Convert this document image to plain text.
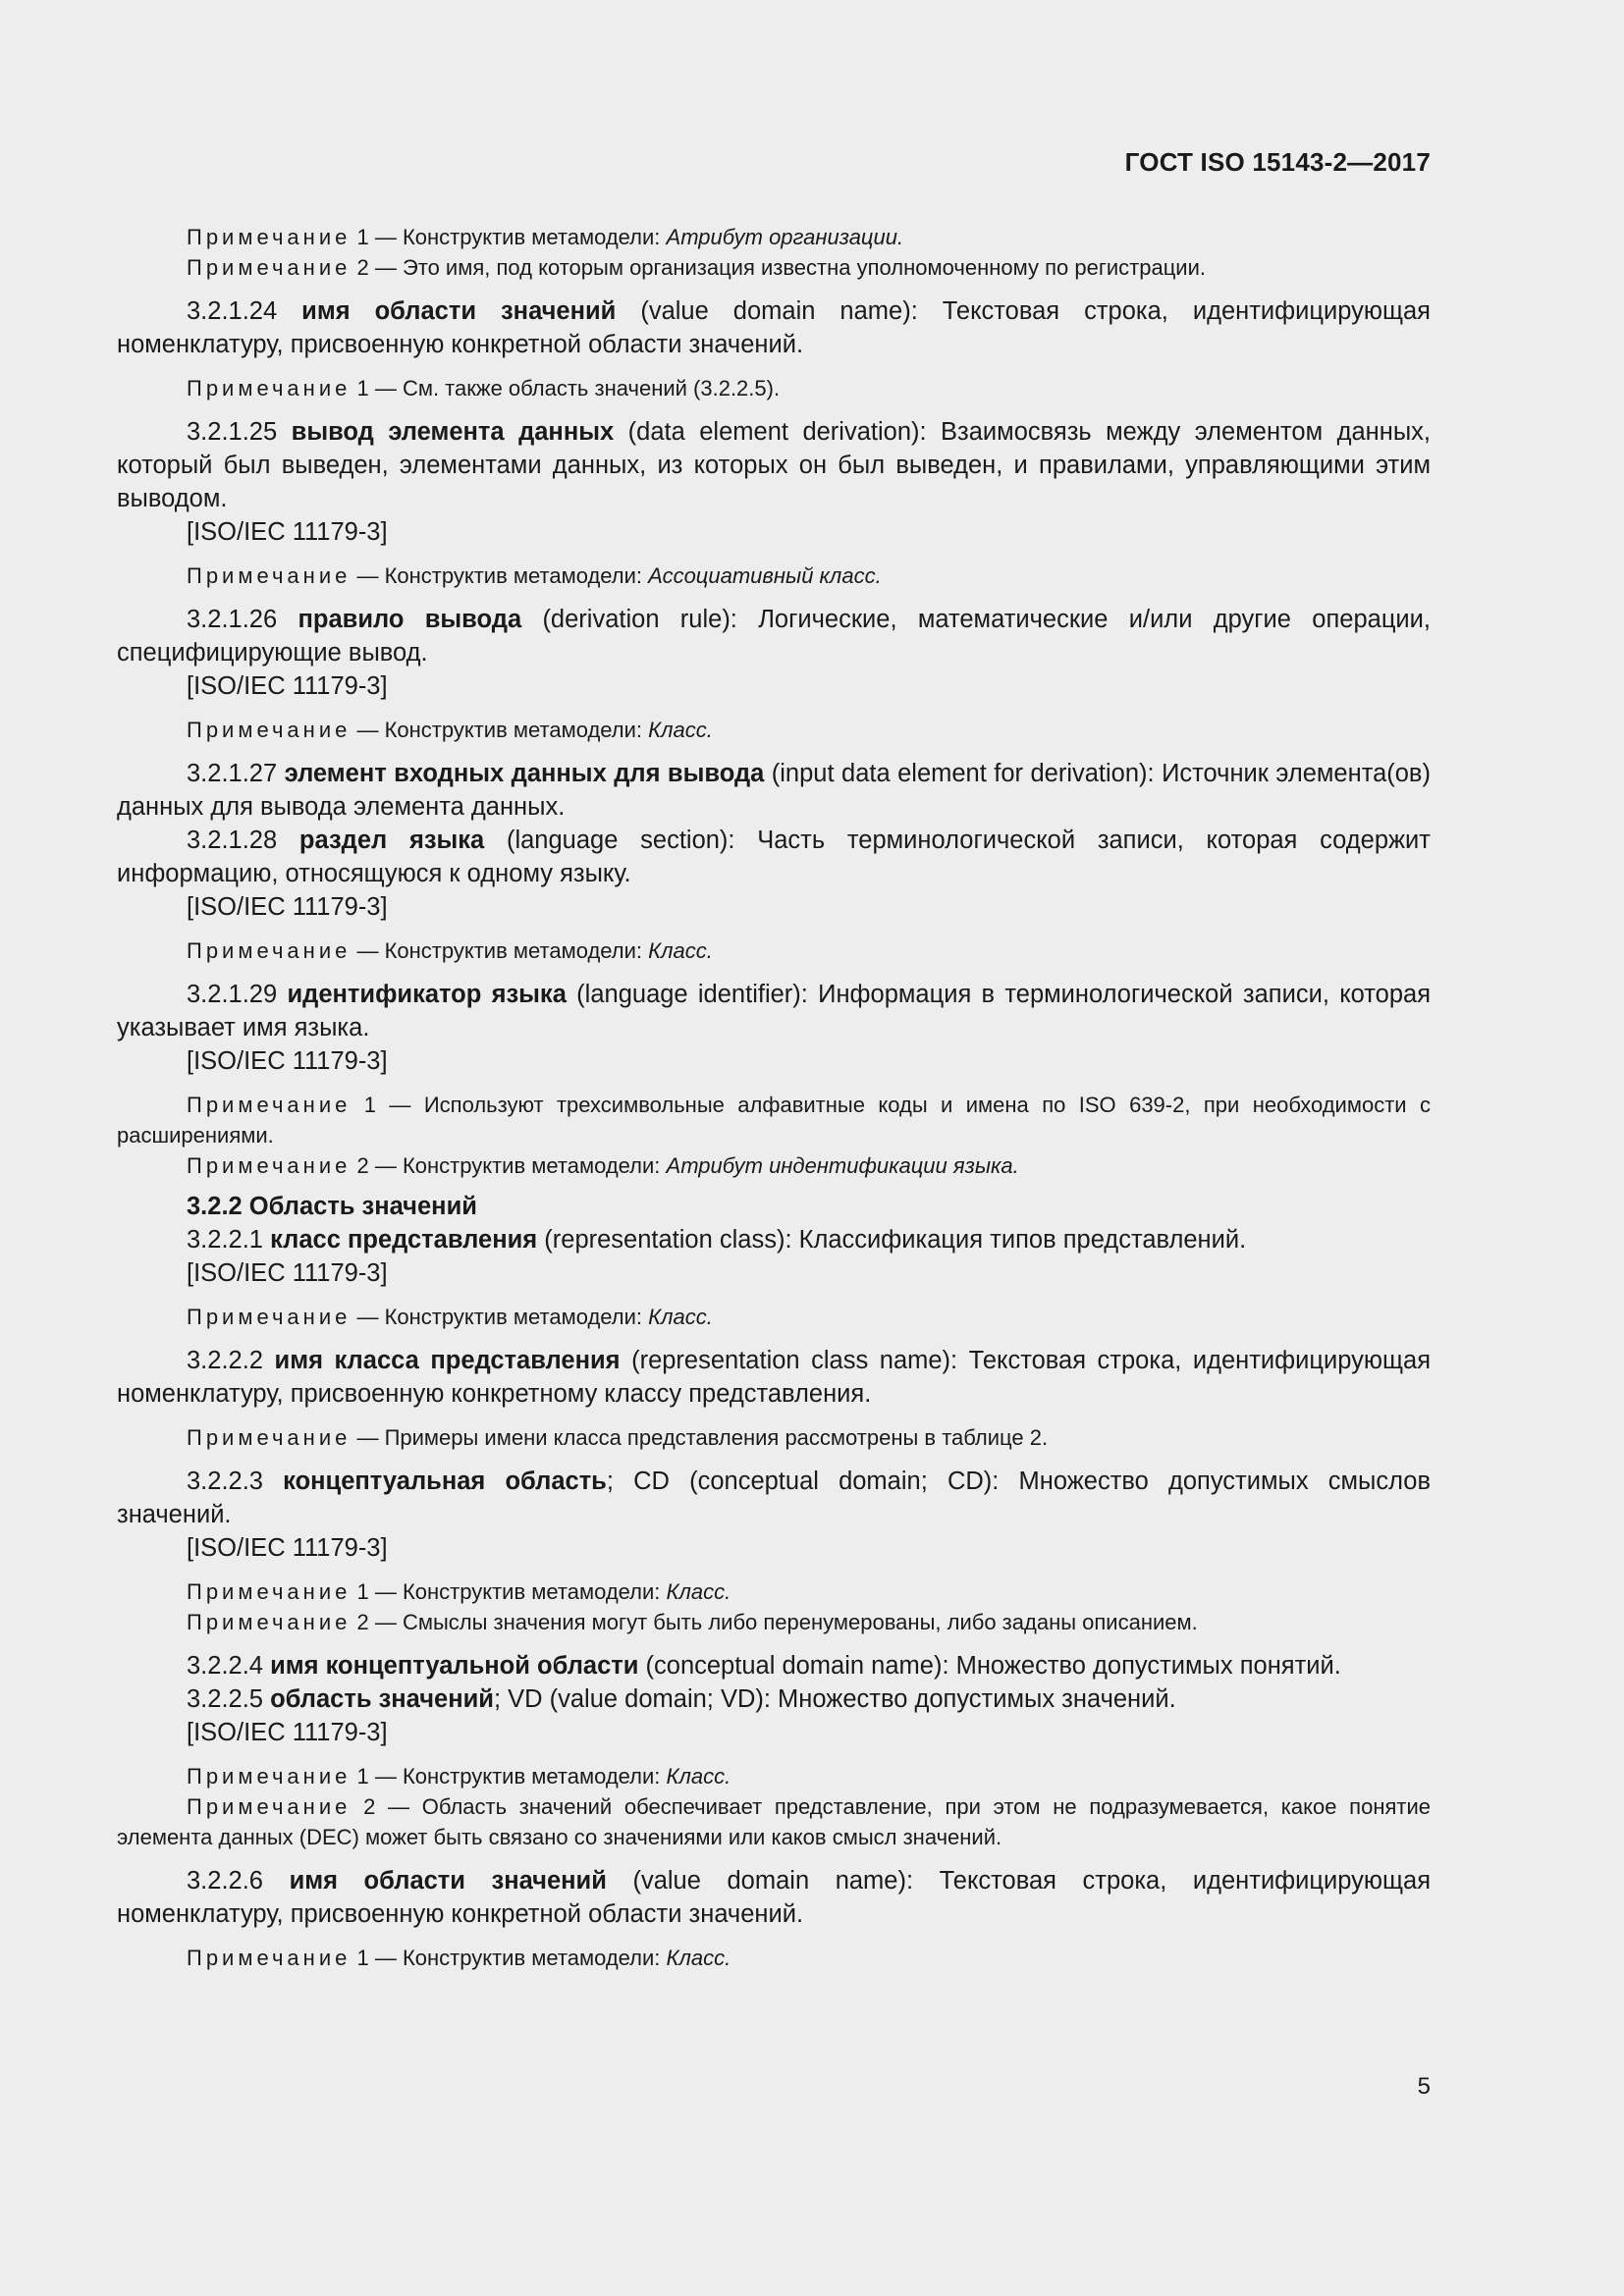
ГОСТ ISO 15143-2—2017

Примечание 1 — Конструктив метамодели: Атрибут организации.

Примечание 2 — Это имя, под которым организация известна уполномоченному по регистрации.

3.2.1.24 имя области значений (value domain name): Текстовая строка, идентифицирующая номенклатуру, присвоенную конкретной области значений.

Примечание 1 — См. также область значений (3.2.2.5).

3.2.1.25 вывод элемента данных (data element derivation): Взаимосвязь между элементом данных, который был выведен, элементами данных, из которых он был выведен, и правилами, управляющими этим выводом.

[ISO/IEC 11179-3]

Примечание — Конструктив метамодели: Ассоциативный класс.

3.2.1.26 правило вывода (derivation rule): Логические, математические и/или другие операции, специфицирующие вывод.

[ISO/IEC 11179-3]

Примечание — Конструктив метамодели: Класс.

3.2.1.27 элемент входных данных для вывода (input data element for derivation): Источник элемента(ов) данных для вывода элемента данных.

3.2.1.28 раздел языка (language section): Часть терминологической записи, которая содержит информацию, относящуюся к одному языку.

[ISO/IEC 11179-3]

Примечание — Конструктив метамодели: Класс.

3.2.1.29 идентификатор языка (language identifier): Информация в терминологической записи, которая указывает имя языка.

[ISO/IEC 11179-3]

Примечание 1 — Используют трехсимвольные алфавитные коды и имена по ISO 639-2, при необходимости с расширениями.

Примечание 2 — Конструктив метамодели: Атрибут индентификации языка.

3.2.2 Область значений
3.2.2.1 класс представления (representation class): Классификация типов представлений.
[ISO/IEC 11179-3]

Примечание — Конструктив метамодели: Класс.

3.2.2.2 имя класса представления (representation class name): Текстовая строка, идентифицирующая номенклатуру, присвоенную конкретному классу представления.

Примечание — Примеры имени класса представления рассмотрены в таблице 2.

3.2.2.3 концептуальная область; CD (conceptual domain; CD): Множество допустимых смыслов значений.

[ISO/IEC 11179-3]

Примечание 1 — Конструктив метамодели: Класс.

Примечание 2 — Смыслы значения могут быть либо перенумерованы, либо заданы описанием.

3.2.2.4 имя концептуальной области (conceptual domain name): Множество допустимых понятий.

3.2.2.5 область значений; VD (value domain; VD): Множество допустимых значений.

[ISO/IEC 11179-3]

Примечание 1 — Конструктив метамодели: Класс.

Примечание 2 — Область значений обеспечивает представление, при этом не подразумевается, какое понятие элемента данных (DEC) может быть связано со значениями или каков смысл значений.

3.2.2.6 имя области значений (value domain name): Текстовая строка, идентифицирующая номенклатуру, присвоенную конкретной области значений.

Примечание 1 — Конструктив метамодели: Класс.

5
